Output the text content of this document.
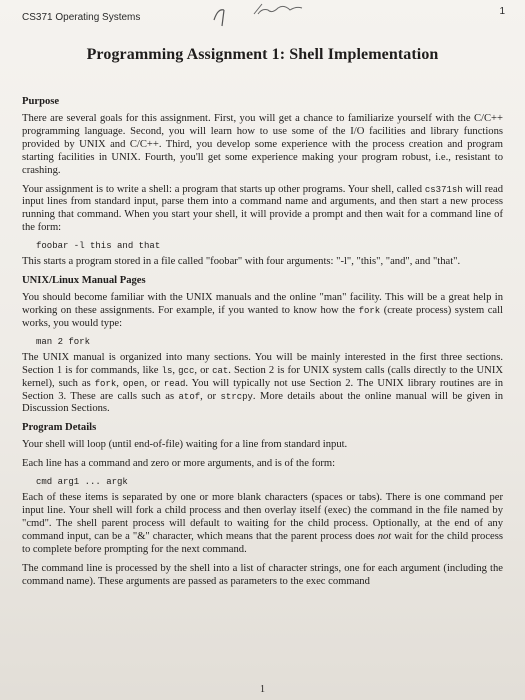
CS371 Operating Systems
1
Programming Assignment 1: Shell Implementation
Purpose

There are several goals for this assignment. First, you will get a chance to familiarize yourself with the C/C++ programming language. Second, you will learn how to use some of the I/O facilities and library functions provided by UNIX and C/C++. Third, you develop some experience with the process creation and program starting facilities in UNIX. Fourth, you'll get some experience making your program robust, i.e., resistant to crashing.

Your assignment is to write a shell: a program that starts up other programs. Your shell, called cs371sh will read input lines from standard input, parse them into a command name and arguments, and then start a new process running that command. When you start your shell, it will provide a prompt and then wait for a command line of the form:

foobar -l this and that

This starts a program stored in a file called "foobar" with four arguments: "-l", "this", "and", and "that".

UNIX/Linux Manual Pages

You should become familiar with the UNIX manuals and the online "man" facility. This will be a great help in working on these assignments. For example, if you wanted to know how the fork (create process) system call works, you would type:

man 2 fork

The UNIX manual is organized into many sections. You will be mainly interested in the first three sections. Section 1 is for commands, like ls, gcc, or cat. Section 2 is for UNIX system calls (calls directly to the UNIX kernel), such as fork, open, or read. You will typically not use Section 2. The UNIX library routines are in Section 3. These are calls such as atof, or strcpy. More details about the online manual will be given in Discussion Sections.

Program Details

Your shell will loop (until end-of-file) waiting for a line from standard input.

Each line has a command and zero or more arguments, and is of the form:

cmd arg1 ... argk

Each of these items is separated by one or more blank characters (spaces or tabs). There is one command per input line. Your shell will fork a child process and then overlay itself (exec) the command in the file named by "cmd". The shell parent process will default to waiting for the child process. Optionally, at the end of any command input, can be a "&" character, which means that the parent process does not wait for the child process to complete before prompting for the next command.

The command line is processed by the shell into a list of character strings, one for each argument (including the command name). These arguments are passed as parameters to the exec command

1
